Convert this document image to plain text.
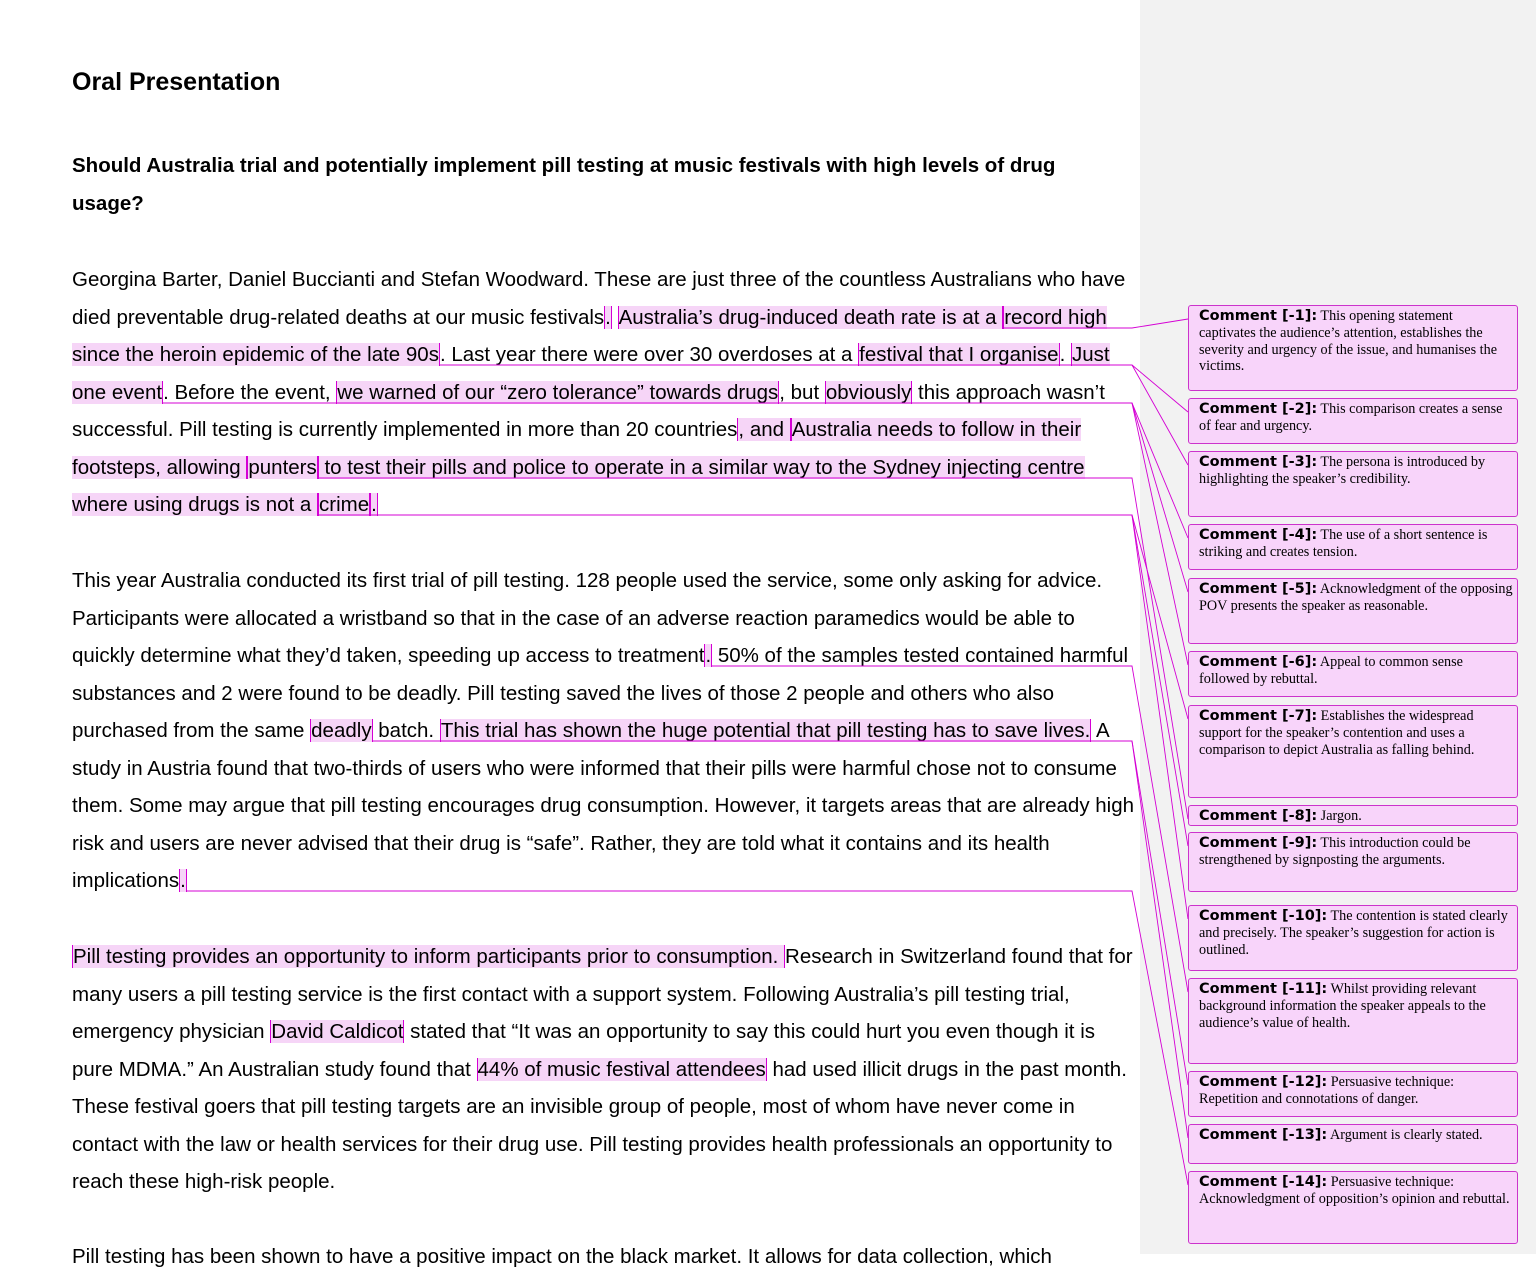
Oral Presentation

Should Australia trial and potentially implement pill testing at music festivals with high levels of drug usage?

Georgina Barter, Daniel Buccianti and Stefan Woodward. These are just three of the countless Australians who have died preventable drug-related deaths at our music festivals. Australia’s drug-induced death rate is at a record high since the heroin epidemic of the late 90s. Last year there were over 30 overdoses at a festival that I organise. Just one event. Before the event, we warned of our “zero tolerance” towards drugs, but obviously this approach wasn’t successful. Pill testing is currently implemented in more than 20 countries, and Australia needs to follow in their footsteps, allowing punters to test their pills and police to operate in a similar way to the Sydney injecting centre where using drugs is not a crime.

This year Australia conducted its first trial of pill testing. 128 people used the service, some only asking for advice. Participants were allocated a wristband so that in the case of an adverse reaction paramedics would be able to quickly determine what they’d taken, speeding up access to treatment. 50% of the samples tested contained harmful substances and 2 were found to be deadly. Pill testing saved the lives of those 2 people and others who also purchased from the same deadly batch. This trial has shown the huge potential that pill testing has to save lives. A study in Austria found that two-thirds of users who were informed that their pills were harmful chose not to consume them. Some may argue that pill testing encourages drug consumption. However, it targets areas that are already high risk and users are never advised that their drug is “safe”. Rather, they are told what it contains and its health implications.

Pill testing provides an opportunity to inform participants prior to consumption. Research in Switzerland found that for many users a pill testing service is the first contact with a support system. Following Australia’s pill testing trial, emergency physician David Caldicot stated that “It was an opportunity to say this could hurt you even though it is pure MDMA.” An Australian study found that 44% of music festival attendees had used illicit drugs in the past month. These festival goers that pill testing targets are an invisible group of people, most of whom have never come in contact with the law or health services for their drug use. Pill testing provides health professionals an opportunity to reach these high-risk people.

Pill testing has been shown to have a positive impact on the black market. It allows for data collection, which

Comment [-1]: This opening statement captivates the audience’s attention, establishes the severity and urgency of the issue, and humanises the victims.
Comment [-2]: This comparison creates a sense of fear and urgency.
Comment [-3]: The persona is introduced by highlighting the speaker’s credibility.
Comment [-4]: The use of a short sentence is striking and creates tension.
Comment [-5]: Acknowledgment of the opposing POV presents the speaker as reasonable.
Comment [-6]: Appeal to common sense followed by rebuttal.
Comment [-7]: Establishes the widespread support for the speaker’s contention and uses a comparison to depict Australia as falling behind.
Comment [-8]: Jargon.
Comment [-9]: This introduction could be strengthened by signposting the arguments.
Comment [-10]: The contention is stated clearly and precisely. The speaker’s suggestion for action is outlined.
Comment [-11]: Whilst providing relevant background information the speaker appeals to the audience’s value of health.
Comment [-12]: Persuasive technique: Repetition and connotations of danger.
Comment [-13]: Argument is clearly stated.
Comment [-14]: Persuasive technique: Acknowledgment of opposition’s opinion and rebuttal.
